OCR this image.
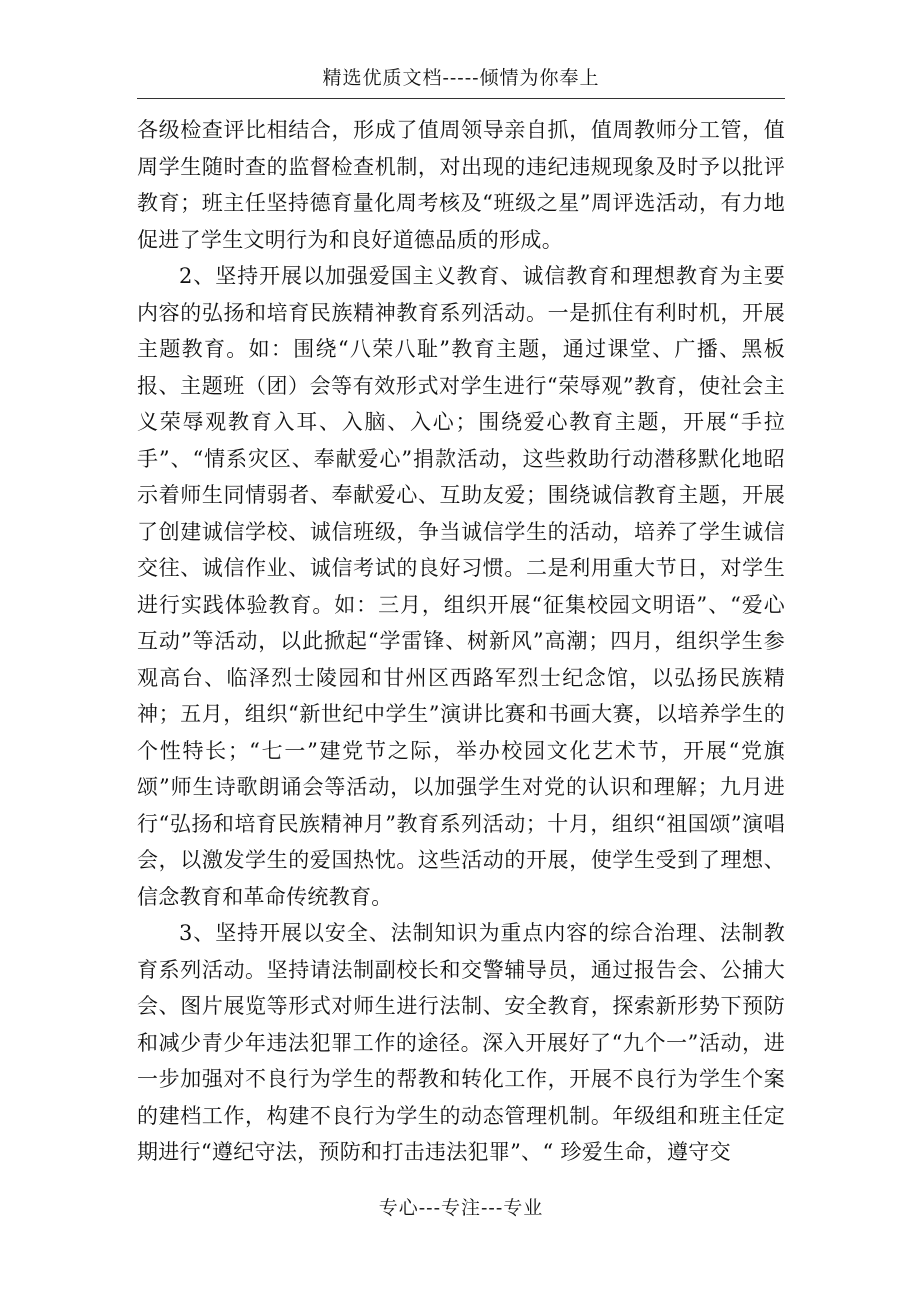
精选优质文档-----倾情为你奉上

各级检查评比相结合，形成了值周领导亲自抓，值周教师分工管，值周学生随时查的监督检查机制，对出现的违纪违规现象及时予以批评教育；班主任坚持德育量化周考核及“班级之星”周评选活动，有力地促进了学生文明行为和良好道德品质的形成。

2、坚持开展以加强爱国主义教育、诚信教育和理想教育为主要内容的弘扬和培育民族精神教育系列活动。一是抓住有利时机，开展主题教育。如：围绕“八荣八耻”教育主题，通过课堂、广播、黑板报、主题班（团）会等有效形式对学生进行“荣辱观”教育，使社会主义荣辱观教育入耳、入脑、入心；围绕爱心教育主题，开展“手拉手”、“情系灾区、奉献爱心”捐款活动，这些救助行动潜移默化地昭示着师生同情弱者、奉献爱心、互助友爱；围绕诚信教育主题，开展了创建诚信学校、诚信班级，争当诚信学生的活动，培养了学生诚信交往、诚信作业、诚信考试的良好习惯。二是利用重大节日，对学生进行实践体验教育。如：三月，组织开展“征集校园文明语”、“爱心互动”等活动，以此掀起“学雷锋、树新风”高潮；四月，组织学生参观高台、临泽烈士陵园和甘州区西路军烈士纪念馆，以弘扬民族精神；五月，组织“新世纪中学生”演讲比赛和书画大赛，以培养学生的个性特长；“七一”建党节之际，举办校园文化艺术节，开展“党旗颂”师生诗歌朗诵会等活动，以加强学生对党的认识和理解；九月进行“弘扬和培育民族精神月”教育系列活动；十月，组织“祖国颂”演唱会，以激发学生的爱国热忱。这些活动的开展，使学生受到了理想、信念教育和革命传统教育。

3、坚持开展以安全、法制知识为重点内容的综合治理、法制教育系列活动。坚持请法制副校长和交警辅导员，通过报告会、公捕大会、图片展览等形式对师生进行法制、安全教育，探索新形势下预防和减少青少年违法犯罪工作的途径。深入开展好了“九个一”活动，进一步加强对不良行为学生的帮教和转化工作，开展不良行为学生个案的建档工作，构建不良行为学生的动态管理机制。年级组和班主任定期进行“遵纪守法，预防和打击违法犯罪”、“ 珍爱生命，遵守交

专心---专注---专业
